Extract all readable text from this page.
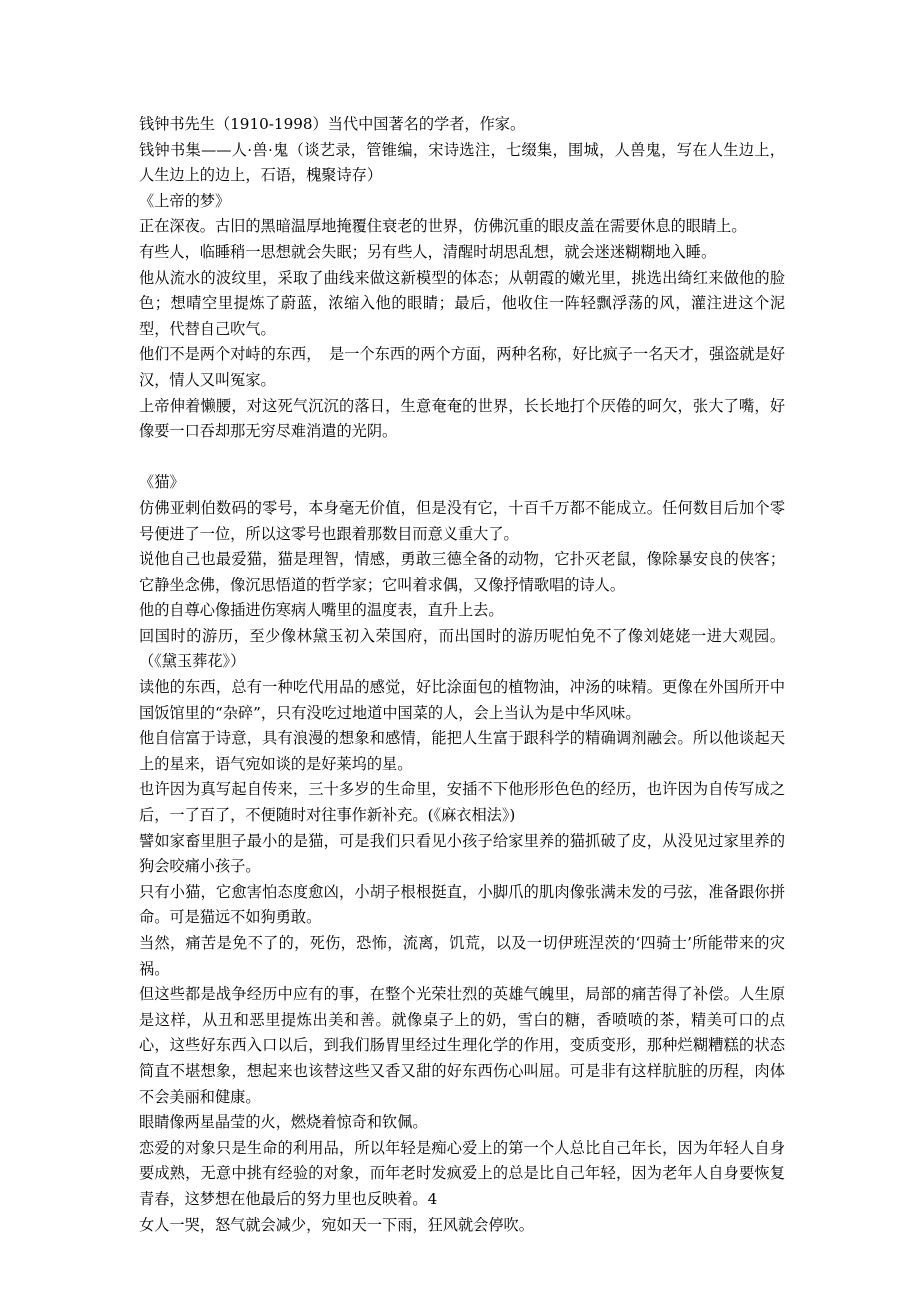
钱钟书先生（1910-1998）当代中国著名的学者，作家。

钱钟书集——人·兽·鬼（谈艺录，管锥编，宋诗选注，七缀集，围城，人兽鬼，写在人生边上，人生边上的边上，石语，槐聚诗存）

《上帝的梦》

正在深夜。古旧的黑暗温厚地掩覆住衰老的世界，仿佛沉重的眼皮盖在需要休息的眼睛上。

有些人，临睡稍一思想就会失眠；另有些人，清醒时胡思乱想，就会迷迷糊糊地入睡。

他从流水的波纹里，采取了曲线来做这新模型的体态；从朝霞的嫩光里，挑选出绮红来做他的脸色；想晴空里提炼了蔚蓝，浓缩入他的眼睛；最后，他收住一阵轻飘浮荡的风，灌注进这个泥型，代替自己吹气。

他们不是两个对峙的东西，　是一个东西的两个方面，两种名称，好比疯子一名天才，强盗就是好汉，情人又叫冤家。

上帝伸着懒腰，对这死气沉沉的落日，生意奄奄的世界，长长地打个厌倦的呵欠，张大了嘴，好像要一口吞却那无穷尽难消遣的光阴。

《猫》

仿佛亚剌伯数码的零号，本身毫无价值，但是没有它，十百千万都不能成立。任何数目后加个零号便进了一位，所以这零号也跟着那数目而意义重大了。

说他自己也最爱猫，猫是理智，情感，勇敢三德全备的动物，它扑灭老鼠，像除暴安良的侠客；它静坐念佛，像沉思悟道的哲学家；它叫着求偶，又像抒情歌唱的诗人。

他的自尊心像插进伤寒病人嘴里的温度表，直升上去。

回国时的游历，至少像林黛玉初入荣国府，而出国时的游历呢怕免不了像刘姥姥一进大观园。（《黛玉葬花》）

读他的东西，总有一种吃代用品的感觉，好比涂面包的植物油，冲汤的味精。更像在外国所开中国饭馆里的“杂碎”，只有没吃过地道中国菜的人，会上当认为是中华风味。

他自信富于诗意，具有浪漫的想象和感情，能把人生富于跟科学的精确调剂融会。所以他谈起天上的星来，语气宛如谈的是好莱坞的星。

也许因为真写起自传来，三十多岁的生命里，安插不下他形形色色的经历，也许因为自传写成之后，一了百了，不便随时对往事作新补充。(《麻衣相法》)

譬如家畜里胆子最小的是猫，可是我们只看见小孩子给家里养的猫抓破了皮，从没见过家里养的狗会咬痛小孩子。

只有小猫，它愈害怕态度愈凶，小胡子根根挺直，小脚爪的肌肉像张满未发的弓弦，准备跟你拼命。可是猫远不如狗勇敢。

当然，痛苦是免不了的，死伤，恐怖，流离，饥荒，以及一切伊班涅茨的‘四骑士’所能带来的灾祸。

但这些都是战争经历中应有的事，在整个光荣壮烈的英雄气魄里，局部的痛苦得了补偿。人生原是这样，从丑和恶里提炼出美和善。就像桌子上的奶，雪白的糖，香喷喷的茶，精美可口的点心，这些好东西入口以后，到我们肠胃里经过生理化学的作用，变质变形，那种烂糊糟糕的状态简直不堪想象，想起来也该替这些又香又甜的好东西伤心叫屈。可是非有这样肮脏的历程，肉体不会美丽和健康。

眼睛像两星晶莹的火，燃烧着惊奇和钦佩。

恋爱的对象只是生命的利用品，所以年轻是痴心爱上的第一个人总比自己年长，因为年轻人自身要成熟，无意中挑有经验的对象，而年老时发疯爱上的总是比自己年轻，因为老年人自身要恢复青春，这梦想在他最后的努力里也反映着。4

女人一哭，怒气就会减少，宛如天一下雨，狂风就会停吹。
